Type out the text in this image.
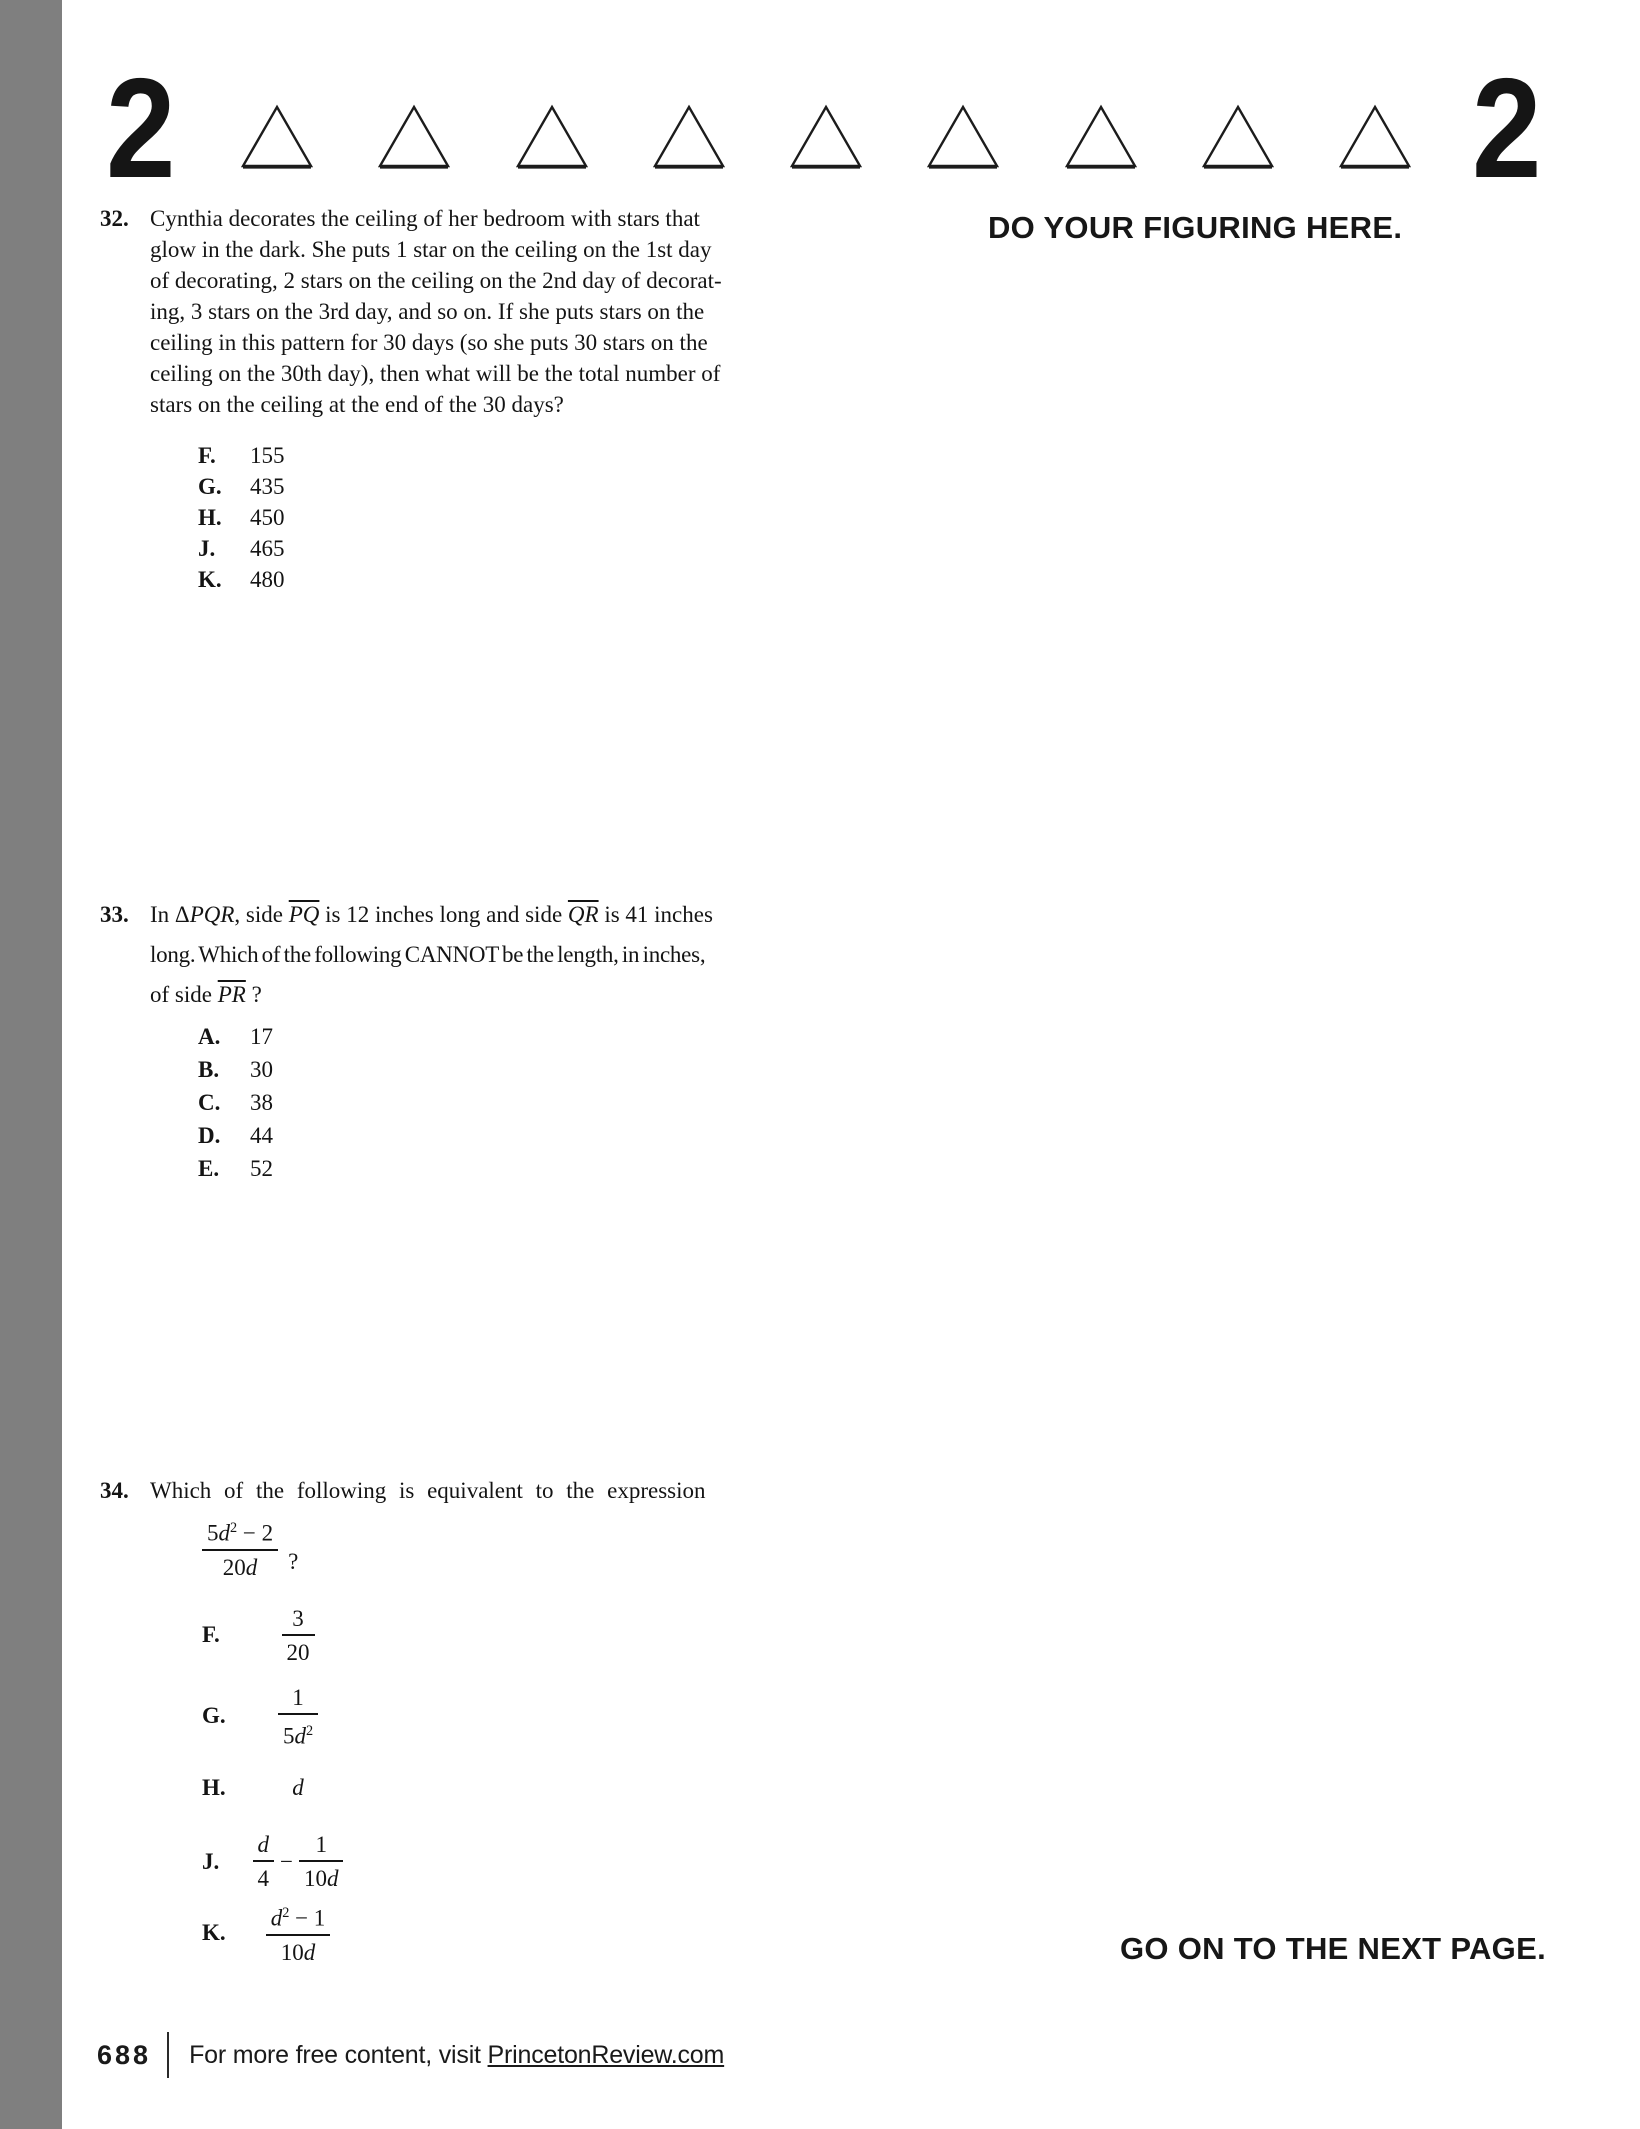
2	2
DO YOUR FIGURING HERE.
32. Cynthia decorates the ceiling of her bedroom with stars that
glow in the dark. She puts 1 star on the ceiling on the 1st day
of decorating, 2 stars on the ceiling on the 2nd day of decorat-
ing, 3 stars on the 3rd day, and so on. If she puts stars on the
ceiling in this pattern for 30 days (so she puts 30 stars on the
ceiling on the 30th day), then what will be the total number of
stars on the ceiling at the end of the 30 days?
F.	155
G.	435
H.	450
J.	465
K.	480
33. In ΔPQR, side $\overline{PQ}$ is 12 inches long and side $\overline{QR}$ is 41 inches
long. Which of the following CANNOT be the length, in inches,
of side $\overline{PR}$ ?
A.	17
B.	30
C.	38
D.	44
E.	52
34. Which of the following is equivalent to the expression
$\frac{5d^2 - 2}{20d}$ ?
F.	$\frac{3}{20}$
G.	$\frac{1}{5d^2}$
H.	d
J.	$\frac{d}{4} - \frac{1}{10d}$
K.	$\frac{d^2 - 1}{10d}$	GO ON TO THE NEXT PAGE.
688 For more free content, visit PrincetonReview.com
